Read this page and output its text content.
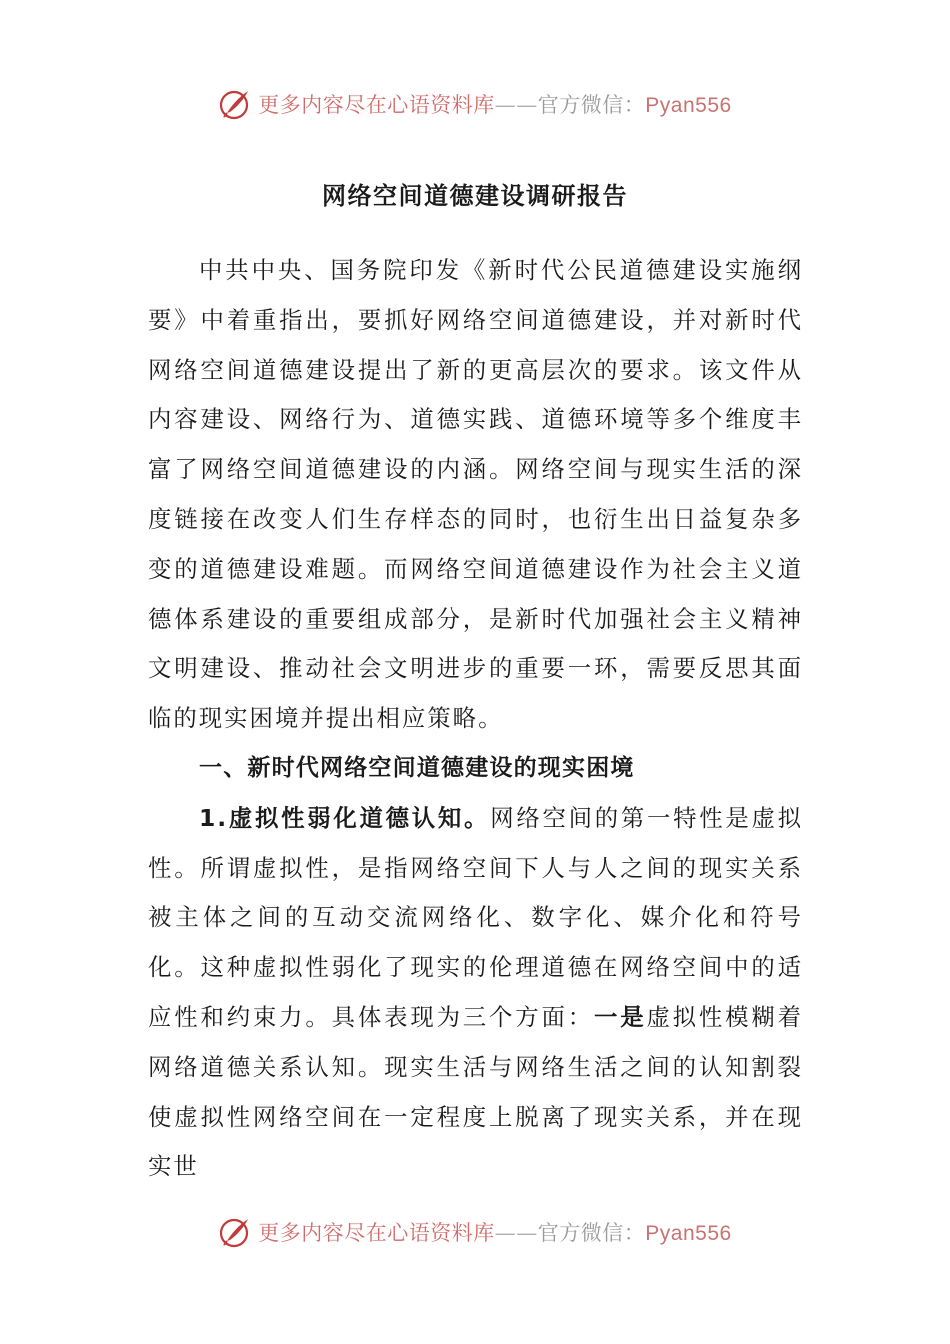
更多内容尽在心语资料库——官方微信：Pyan556
网络空间道德建设调研报告

中共中央、国务院印发《新时代公民道德建设实施纲要》中着重指出，要抓好网络空间道德建设，并对新时代网络空间道德建设提出了新的更高层次的要求。该文件从内容建设、网络行为、道德实践、道德环境等多个维度丰富了网络空间道德建设的内涵。网络空间与现实生活的深度链接在改变人们生存样态的同时，也衍生出日益复杂多变的道德建设难题。而网络空间道德建设作为社会主义道德体系建设的重要组成部分，是新时代加强社会主义精神文明建设、推动社会文明进步的重要一环，需要反思其面临的现实困境并提出相应策略。

一、新时代网络空间道德建设的现实困境

1.虚拟性弱化道德认知。网络空间的第一特性是虚拟性。所谓虚拟性，是指网络空间下人与人之间的现实关系被主体之间的互动交流网络化、数字化、媒介化和符号化。这种虚拟性弱化了现实的伦理道德在网络空间中的适应性和约束力。具体表现为三个方面：一是虚拟性模糊着网络道德关系认知。现实生活与网络生活之间的认知割裂使虚拟性网络空间在一定程度上脱离了现实关系，并在现实世

更多内容尽在心语资料库——官方微信：Pyan556
